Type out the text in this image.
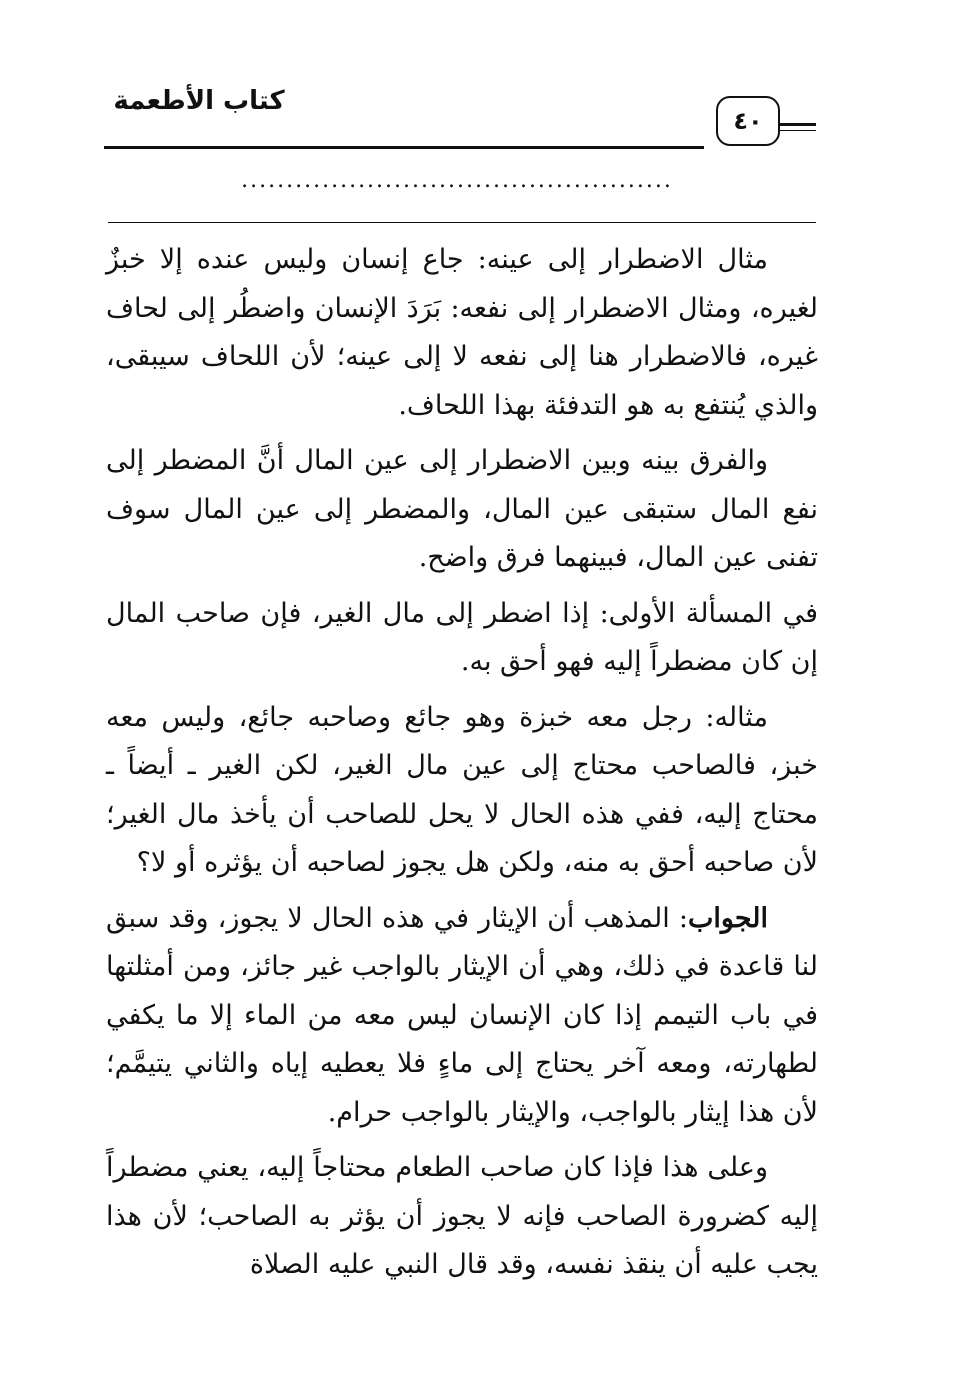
كتاب الأطعمة
٤٠
................................................

مثال الاضطرار إلى عينه: جاع إنسان وليس عنده إلا خبزٌ لغيره، ومثال الاضطرار إلى نفعه: بَرَدَ الإنسان واضطُر إلى لحاف غيره، فالاضطرار هنا إلى نفعه لا إلى عينه؛ لأن اللحاف سيبقى، والذي يُنتفع به هو التدفئة بهذا اللحاف.

والفرق بينه وبين الاضطرار إلى عين المال أنَّ المضطر إلى نفع المال ستبقى عين المال، والمضطر إلى عين المال سوف تفنى عين المال، فبينهما فرق واضح.

في المسألة الأولى: إذا اضطر إلى مال الغير، فإن صاحب المال إن كان مضطراً إليه فهو أحق به.

مثاله: رجل معه خبزة وهو جائع وصاحبه جائع، وليس معه خبز، فالصاحب محتاج إلى عين مال الغير، لكن الغير ـ أيضاً ـ محتاج إليه، ففي هذه الحال لا يحل للصاحب أن يأخذ مال الغير؛ لأن صاحبه أحق به منه، ولكن هل يجوز لصاحبه أن يؤثره أو لا؟

الجواب: المذهب أن الإيثار في هذه الحال لا يجوز، وقد سبق لنا قاعدة في ذلك، وهي أن الإيثار بالواجب غير جائز، ومن أمثلتها في باب التيمم إذا كان الإنسان ليس معه من الماء إلا ما يكفي لطهارته، ومعه آخر يحتاج إلى ماءٍ فلا يعطيه إياه والثاني يتيمَّم؛ لأن هذا إيثار بالواجب، والإيثار بالواجب حرام.

وعلى هذا فإذا كان صاحب الطعام محتاجاً إليه، يعني مضطراً إليه كضرورة الصاحب فإنه لا يجوز أن يؤثر به الصاحب؛ لأن هذا يجب عليه أن ينقذ نفسه، وقد قال النبي عليه الصلاة
